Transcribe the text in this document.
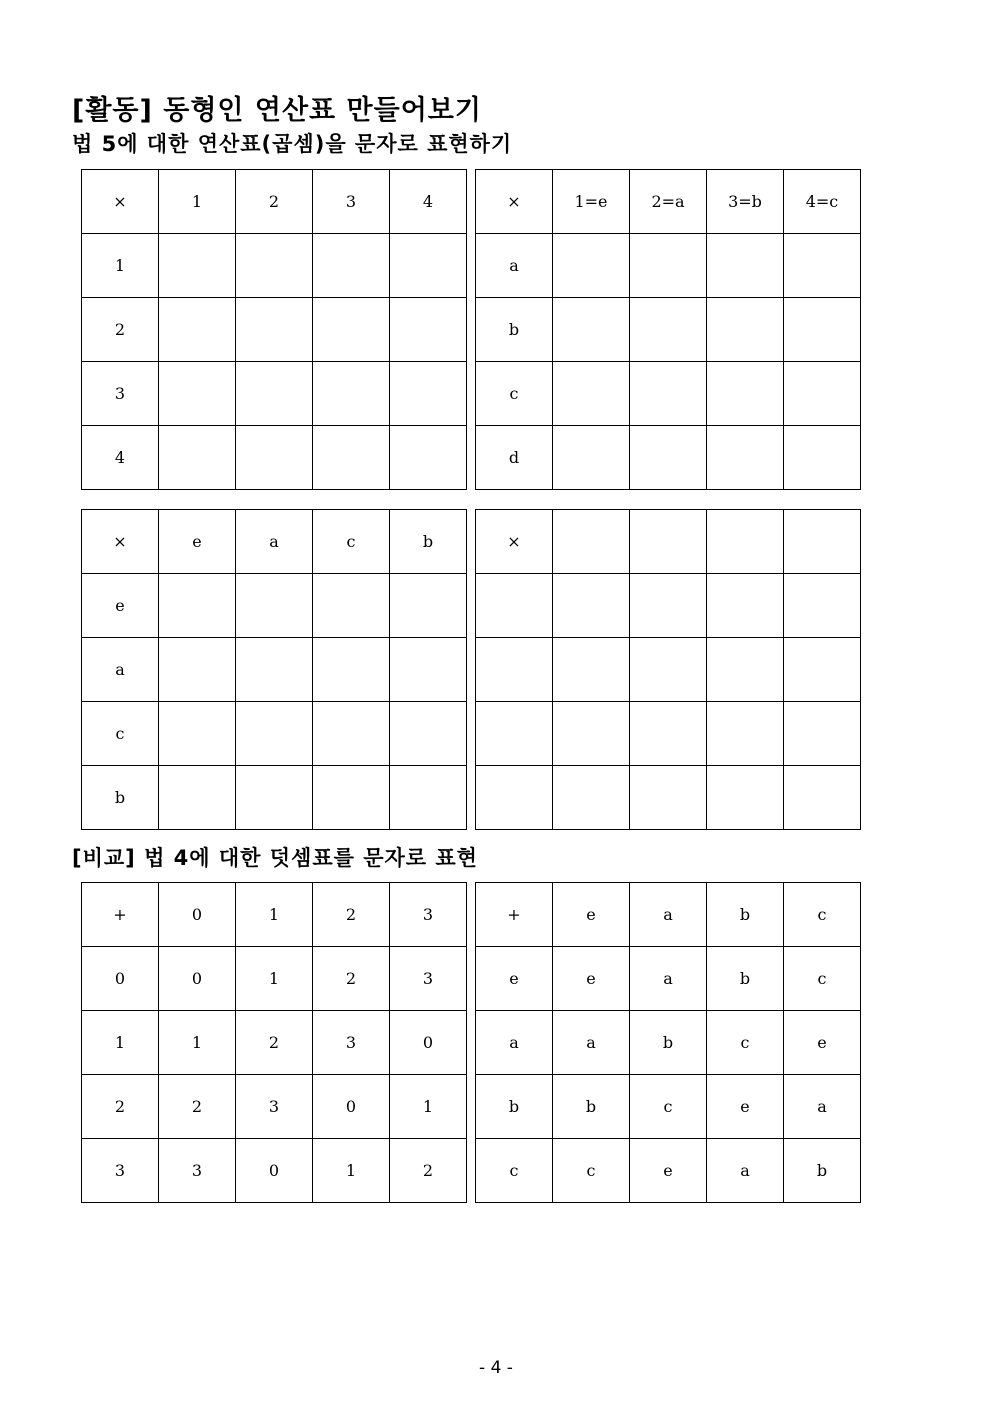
[활동] 동형인 연산표 만들어보기
법 5에 대한 연산표(곱셈)을 문자로 표현하기
×	1	2	3	4
1				
2				
3				
4				
×	1=e	2=a	3=b	4=c
a				
b				
c				
d				
×	e	a	c	b
e				
a				
c				
b				
×				

[비교] 법 4에 대한 덧셈표를 문자로 표현
+	0	1	2	3
0	0	1	2	3
1	1	2	3	0
2	2	3	0	1
3	3	0	1	2
+	e	a	b	c
e	e	a	b	c
a	a	b	c	e
b	b	c	e	a
c	c	e	a	b
- 4 -
